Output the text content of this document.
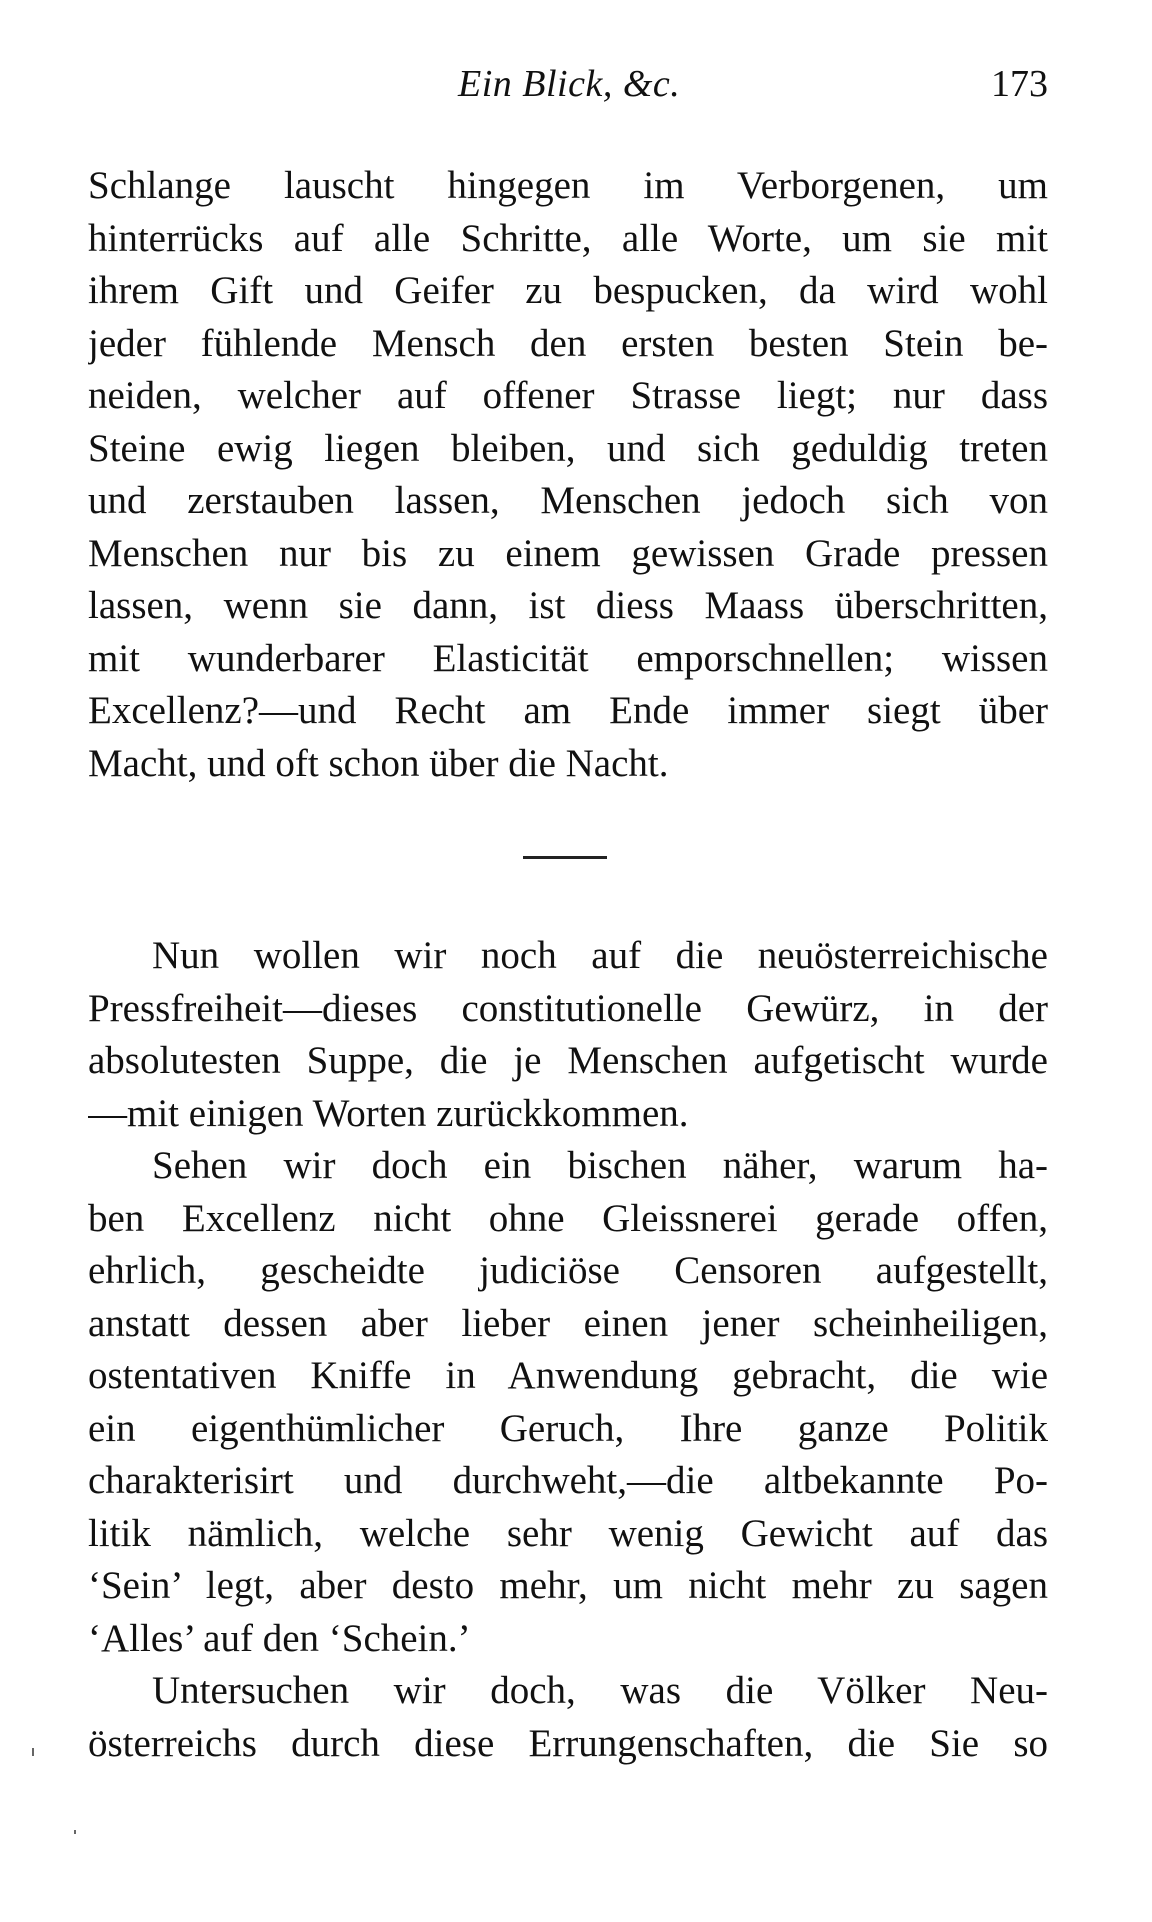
Ein Blick, &c.	173
Schlange lauscht hingegen im Verborgenen, um
hinterrücks auf alle Schritte, alle Worte, um sie mit
ihrem Gift und Geifer zu bespucken, da wird wohl
jeder fühlende Mensch den ersten besten Stein be-
neiden, welcher auf offener Strasse liegt; nur dass
Steine ewig liegen bleiben, und sich geduldig treten
und zerstauben lassen, Menschen jedoch sich von
Menschen nur bis zu einem gewissen Grade pressen
lassen, wenn sie dann, ist diess Maass überschritten,
mit wunderbarer Elasticität emporschnellen; wissen
Excellenz?—und Recht am Ende immer siegt über
Macht, und oft schon über die Nacht.
Nun wollen wir noch auf die neuösterreichische
Pressfreiheit—dieses constitutionelle Gewürz, in der
absolutesten Suppe, die je Menschen aufgetischt wurde
—mit einigen Worten zurückkommen.
Sehen wir doch ein bischen näher, warum ha-
ben Excellenz nicht ohne Gleissnerei gerade offen,
ehrlich, gescheidte judiciöse Censoren aufgestellt,
anstatt dessen aber lieber einen jener scheinheiligen,
ostentativen Kniffe in Anwendung gebracht, die wie
ein eigenthümlicher Geruch, Ihre ganze Politik
charakterisirt und durchweht,—die altbekannte Po-
litik nämlich, welche sehr wenig Gewicht auf das
‘Sein’ legt, aber desto mehr, um nicht mehr zu sagen
‘Alles’ auf den ‘Schein.’
Untersuchen wir doch, was die Völker Neu-
österreichs durch diese Errungenschaften, die Sie so
